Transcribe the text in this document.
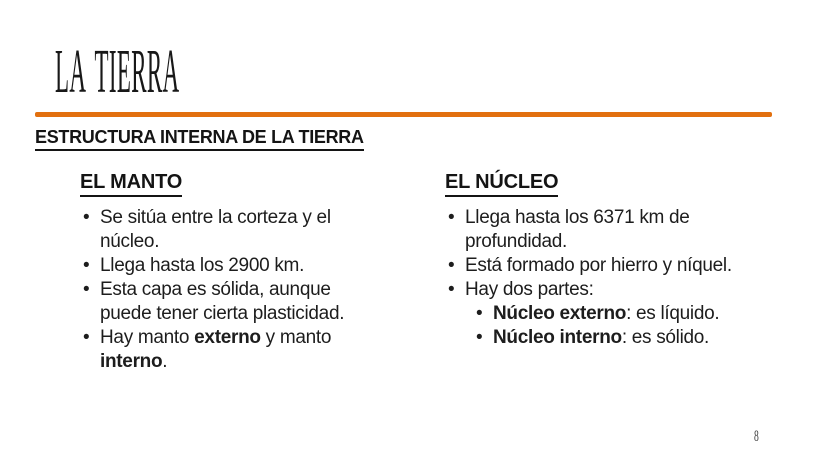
LA TIERRA
ESTRUCTURA INTERNA DE LA TIERRA
EL MANTO
• Se sitúa entre la corteza y el núcleo.
• Llega hasta los 2900 km.
• Esta capa es sólida, aunque puede tener cierta plasticidad.
• Hay manto externo y manto interno.
EL NÚCLEO
• Llega hasta los 6371 km de profundidad.
• Está formado por hierro y níquel.
• Hay dos partes:
• Núcleo externo: es líquido.
• Núcleo interno: es sólido.
8
